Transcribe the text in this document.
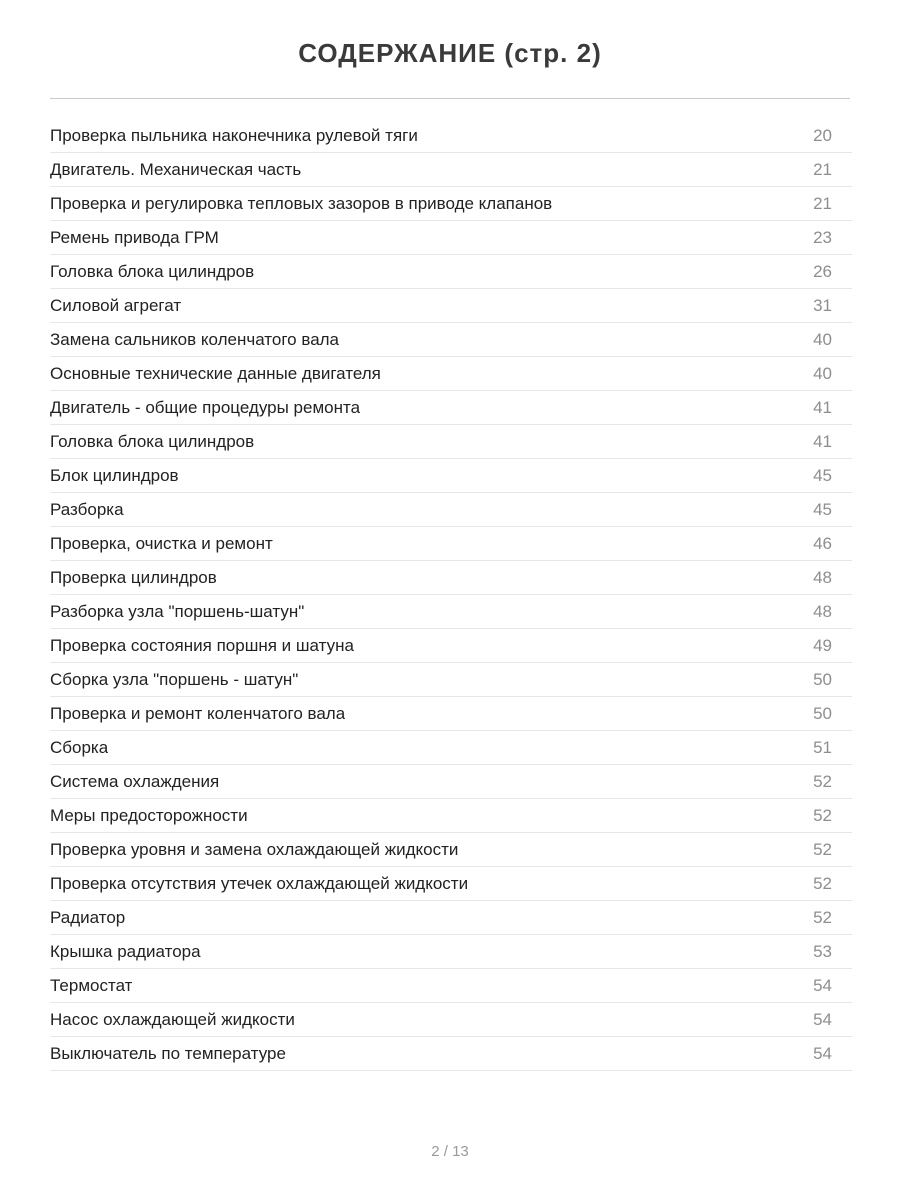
СОДЕРЖАНИЕ (стр. 2)
Проверка пыльника наконечника рулевой тяги	20
Двигатель. Механическая часть	21
Проверка и регулировка тепловых зазоров в приводе клапанов	21
Ремень привода ГРМ	23
Головка блока цилиндров	26
Силовой агрегат	31
Замена сальников коленчатого вала	40
Основные технические данные двигателя	40
Двигатель - общие процедуры ремонта	41
Головка блока цилиндров	41
Блок цилиндров	45
Разборка	45
Проверка, очистка и ремонт	46
Проверка цилиндров	48
Разборка узла "поршень-шатун"	48
Проверка состояния поршня и шатуна	49
Сборка узла "поршень - шатун"	50
Проверка и ремонт коленчатого вала	50
Сборка	51
Система охлаждения	52
Меры предосторожности	52
Проверка уровня и замена охлаждающей жидкости	52
Проверка отсутствия утечек охлаждающей жидкости	52
Радиатор	52
Крышка радиатора	53
Термостат	54
Насос охлаждающей жидкости	54
Выключатель по температуре	54
2 / 13
